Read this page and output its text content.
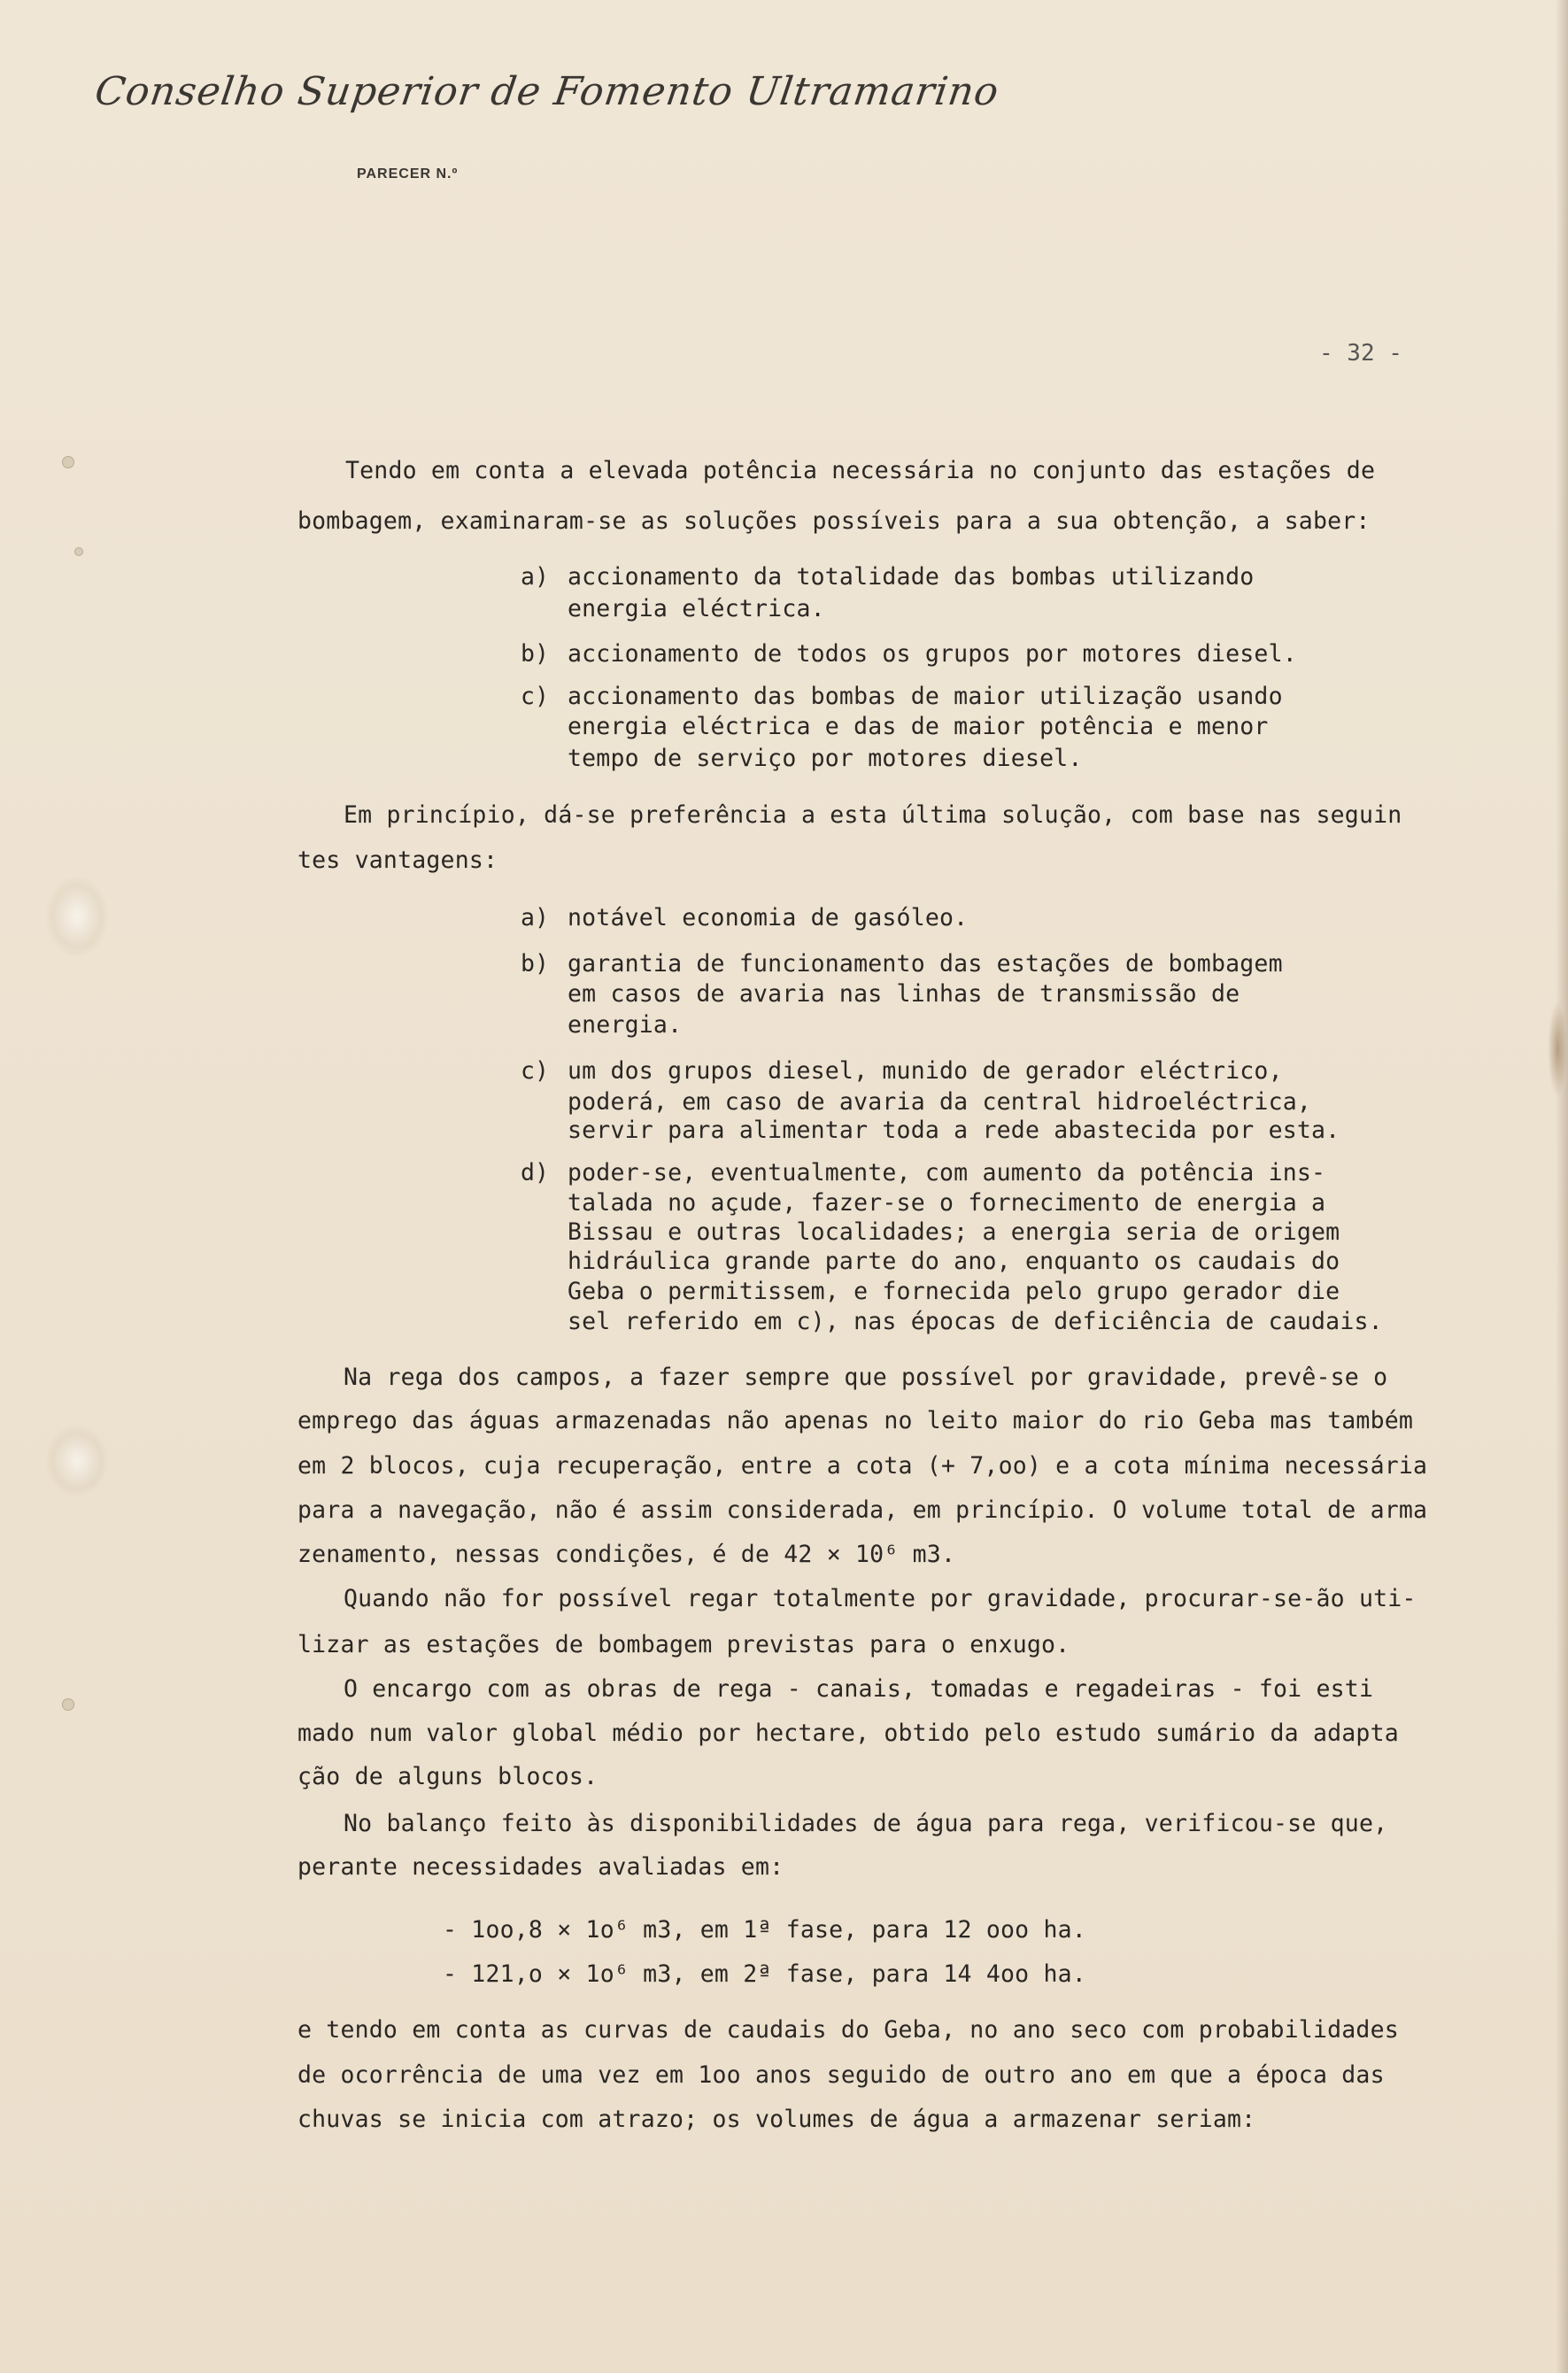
Conselho Superior de Fomento Ultramarino
PARECER N.º
- 32 -
Tendo em conta a elevada potência necessária no conjunto das estações de
bombagem, examinaram-se as soluções possíveis para a sua obtenção, a saber:
a) accionamento da totalidade das bombas utilizando
energia eléctrica.
b) accionamento de todos os grupos por motores diesel.
c) accionamento das bombas de maior utilização usando
energia eléctrica e das de maior potência e menor
tempo de serviço por motores diesel.
Em princípio, dá-se preferência a esta última solução, com base nas seguin
tes vantagens:
a) notável economia de gasóleo.
b) garantia de funcionamento das estações de bombagem
em casos de avaria nas linhas de transmissão de
energia.
c) um dos grupos diesel, munido de gerador eléctrico,
poderá, em caso de avaria da central hidroeléctrica,
servir para alimentar toda a rede abastecida por esta.
d) poder-se, eventualmente, com aumento da potência ins-
talada no açude, fazer-se o fornecimento de energia a
Bissau e outras localidades; a energia seria de origem
hidráulica grande parte do ano, enquanto os caudais do
Geba o permitissem, e fornecida pelo grupo gerador die
sel referido em c), nas épocas de deficiência de caudais.
Na rega dos campos, a fazer sempre que possível por gravidade, prevê-se o
emprego das águas armazenadas não apenas no leito maior do rio Geba mas também
em 2 blocos, cuja recuperação, entre a cota (+ 7,oo) e a cota mínima necessária
para a navegação, não é assim considerada, em princípio. O volume total de arma
zenamento, nessas condições, é de 42 × 10⁶ m3.
Quando não for possível regar totalmente por gravidade, procurar-se-ão uti-
lizar as estações de bombagem previstas para o enxugo.
O encargo com as obras de rega - canais, tomadas e regadeiras - foi esti
mado num valor global médio por hectare, obtido pelo estudo sumário da adapta
ção de alguns blocos.
No balanço feito às disponibilidades de água para rega, verificou-se que,
perante necessidades avaliadas em:
- 1oo,8 × 1o⁶ m3, em 1ª fase, para 12 ooo ha.
- 121,o × 1o⁶ m3, em 2ª fase, para 14 4oo ha.
e tendo em conta as curvas de caudais do Geba, no ano seco com probabilidades
de ocorrência de uma vez em 1oo anos seguido de outro ano em que a época das
chuvas se inicia com atrazo; os volumes de água a armazenar seriam:
